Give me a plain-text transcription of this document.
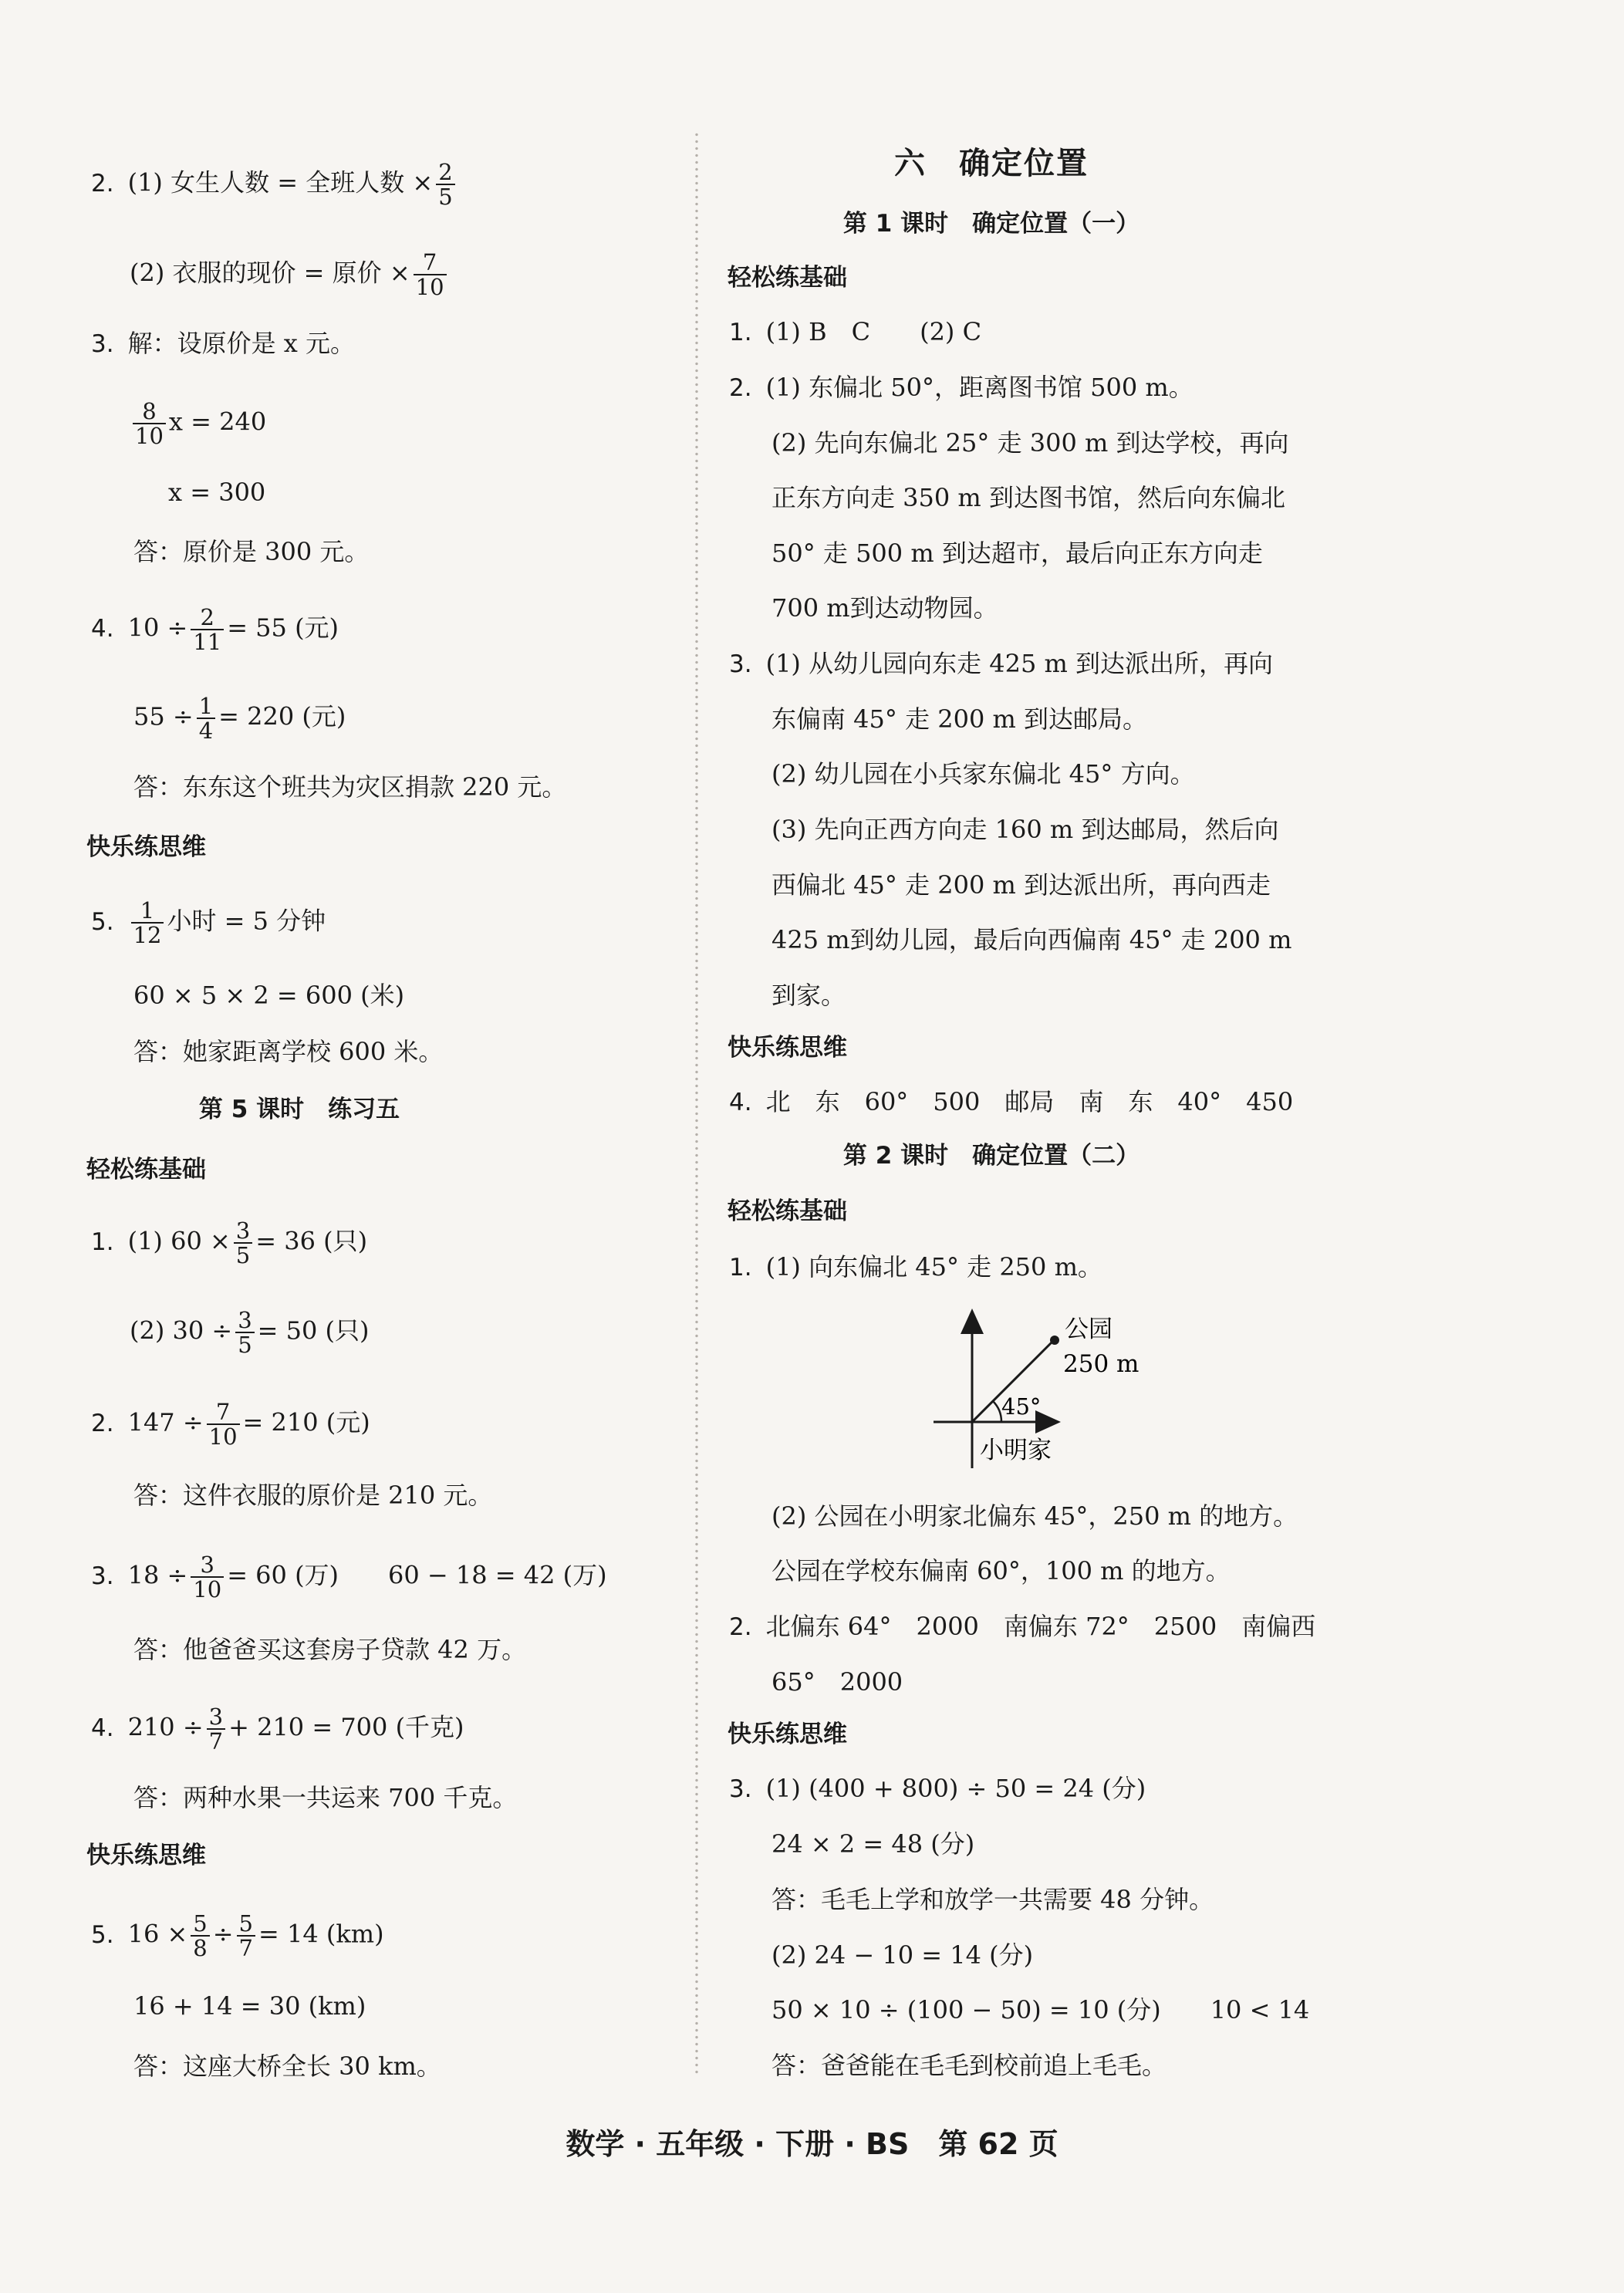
2. (1) 女生人数 = 全班人数 × $\frac{2}{5}$
(2) 衣服的现价 = 原价 × $\frac{7}{10}$
3. 解：设原价是 x 元。
$\frac{8}{10}$ x = 240
x = 300
答：原价是 300 元。
4. $10 \div \frac{2}{11} = 55$ (元)
$55 \div \frac{1}{4} = 220$ (元)
答：东东这个班共为灾区捐款 220 元。
快乐练思维
5. $\frac{1}{12}$ 小时 = 5 分钟
60 × 5 × 2 = 600 (米)
答：她家距离学校 600 米。
第 5 课时　练习五
轻松练基础
1. (1) $60 \times \frac{3}{5} = 36$ (只)
(2) $30 \div \frac{3}{5} = 50$ (只)
2. $147 \div \frac{7}{10} = 210$ (元)
答：这件衣服的原价是 210 元。
3. $18 \div \frac{3}{10} = 60$ (万)　　60 − 18 = 42 (万)
答：他爸爸买这套房子贷款 42 万。
4. $210 \div \frac{3}{7} + 210 = 700$ (千克)
答：两种水果一共运来 700 千克。
快乐练思维
5. $16 \times \frac{5}{8} \div \frac{5}{7} = 14$ (km)
16 + 14 = 30 (km)
答：这座大桥全长 30 km。
六　确定位置
第 1 课时　确定位置（一）
轻松练基础
1. (1) B　C　　(2) C
2. (1) 东偏北 50°，距离图书馆 500 m。
(2) 先向东偏北 25° 走 300 m 到达学校，再向
正东方向走 350 m 到达图书馆，然后向东偏北
50° 走 500 m 到达超市，最后向正东方向走
700 m到达动物园。
3. (1) 从幼儿园向东走 425 m 到达派出所，再向
东偏南 45° 走 200 m 到达邮局。
(2) 幼儿园在小兵家东偏北 45° 方向。
(3) 先向正西方向走 160 m 到达邮局，然后向
西偏北 45° 走 200 m 到达派出所，再向西走
425 m到幼儿园，最后向西偏南 45° 走 200 m
到家。
快乐练思维
4. 北　东　60°　500　邮局　南　东　40°　450
第 2 课时　确定位置（二）
轻松练基础
1. (1) 向东偏北 45° 走 250 m。
公园
250 m
45°
小明家
(2) 公园在小明家北偏东 45°，250 m 的地方。
公园在学校东偏南 60°，100 m 的地方。
2. 北偏东 64°　2000　南偏东 72°　2500　南偏西
65°　2000
快乐练思维
3. (1) (400 + 800) ÷ 50 = 24 (分)
24 × 2 = 48 (分)
答：毛毛上学和放学一共需要 48 分钟。
(2) 24 − 10 = 14 (分)
50 × 10 ÷ (100 − 50) = 10 (分)　　10 < 14
答：爸爸能在毛毛到校前追上毛毛。
数学 · 五年级 · 下册 · BS　第 62 页
